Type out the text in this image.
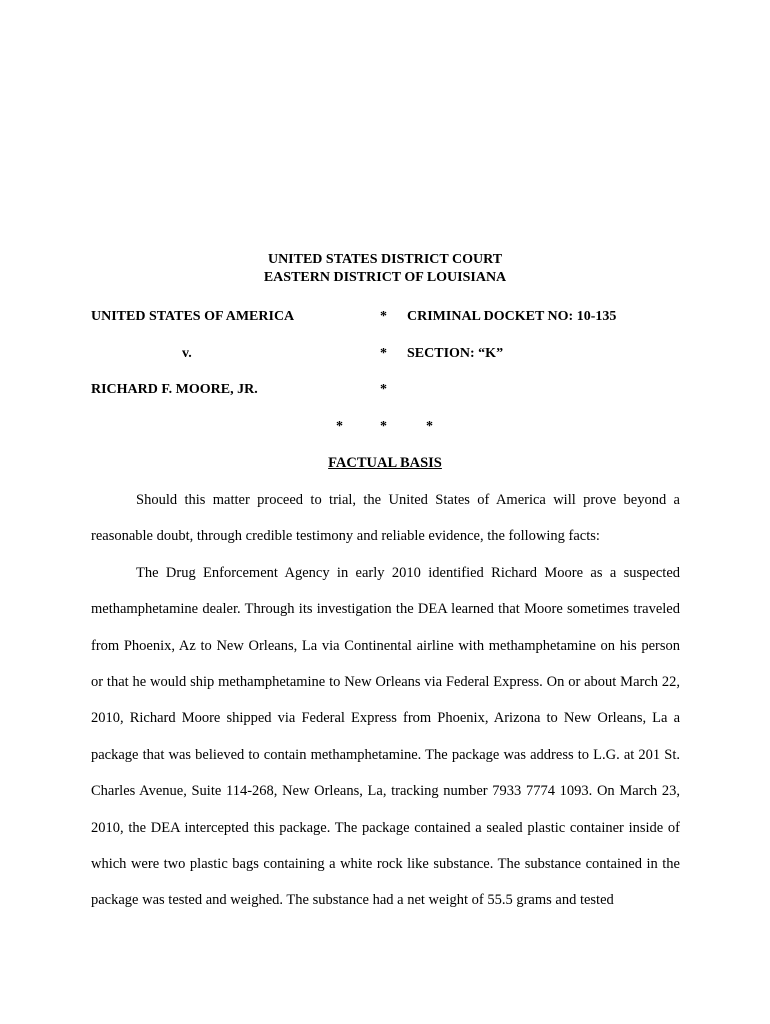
UNITED STATES DISTRICT COURT
EASTERN DISTRICT OF LOUISIANA
UNITED STATES OF AMERICA	* CRIMINAL DOCKET NO: 10-135
v.	* SECTION: “K”
RICHARD F. MOORE, JR.	*
*	*	*
FACTUAL BASIS

Should this matter proceed to trial, the United States of America will prove beyond a reasonable doubt, through credible testimony and reliable evidence, the following facts:

The Drug Enforcement Agency in early 2010 identified Richard Moore as a suspected methamphetamine dealer. Through its investigation the DEA learned that Moore sometimes traveled from Phoenix, Az to New Orleans, La via Continental airline with methamphetamine on his person or that he would ship methamphetamine to New Orleans via Federal Express. On or about March 22, 2010, Richard Moore shipped via Federal Express from Phoenix, Arizona to New Orleans, La a package that was believed to contain methamphetamine. The package was address to L.G. at 201 St. Charles Avenue, Suite 114-268, New Orleans, La, tracking number 7933 7774 1093. On March 23, 2010, the DEA intercepted this package. The package contained a sealed plastic container inside of which were two plastic bags containing a white rock like substance. The substance contained in the package was tested and weighed. The substance had a net weight of 55.5 grams and tested
